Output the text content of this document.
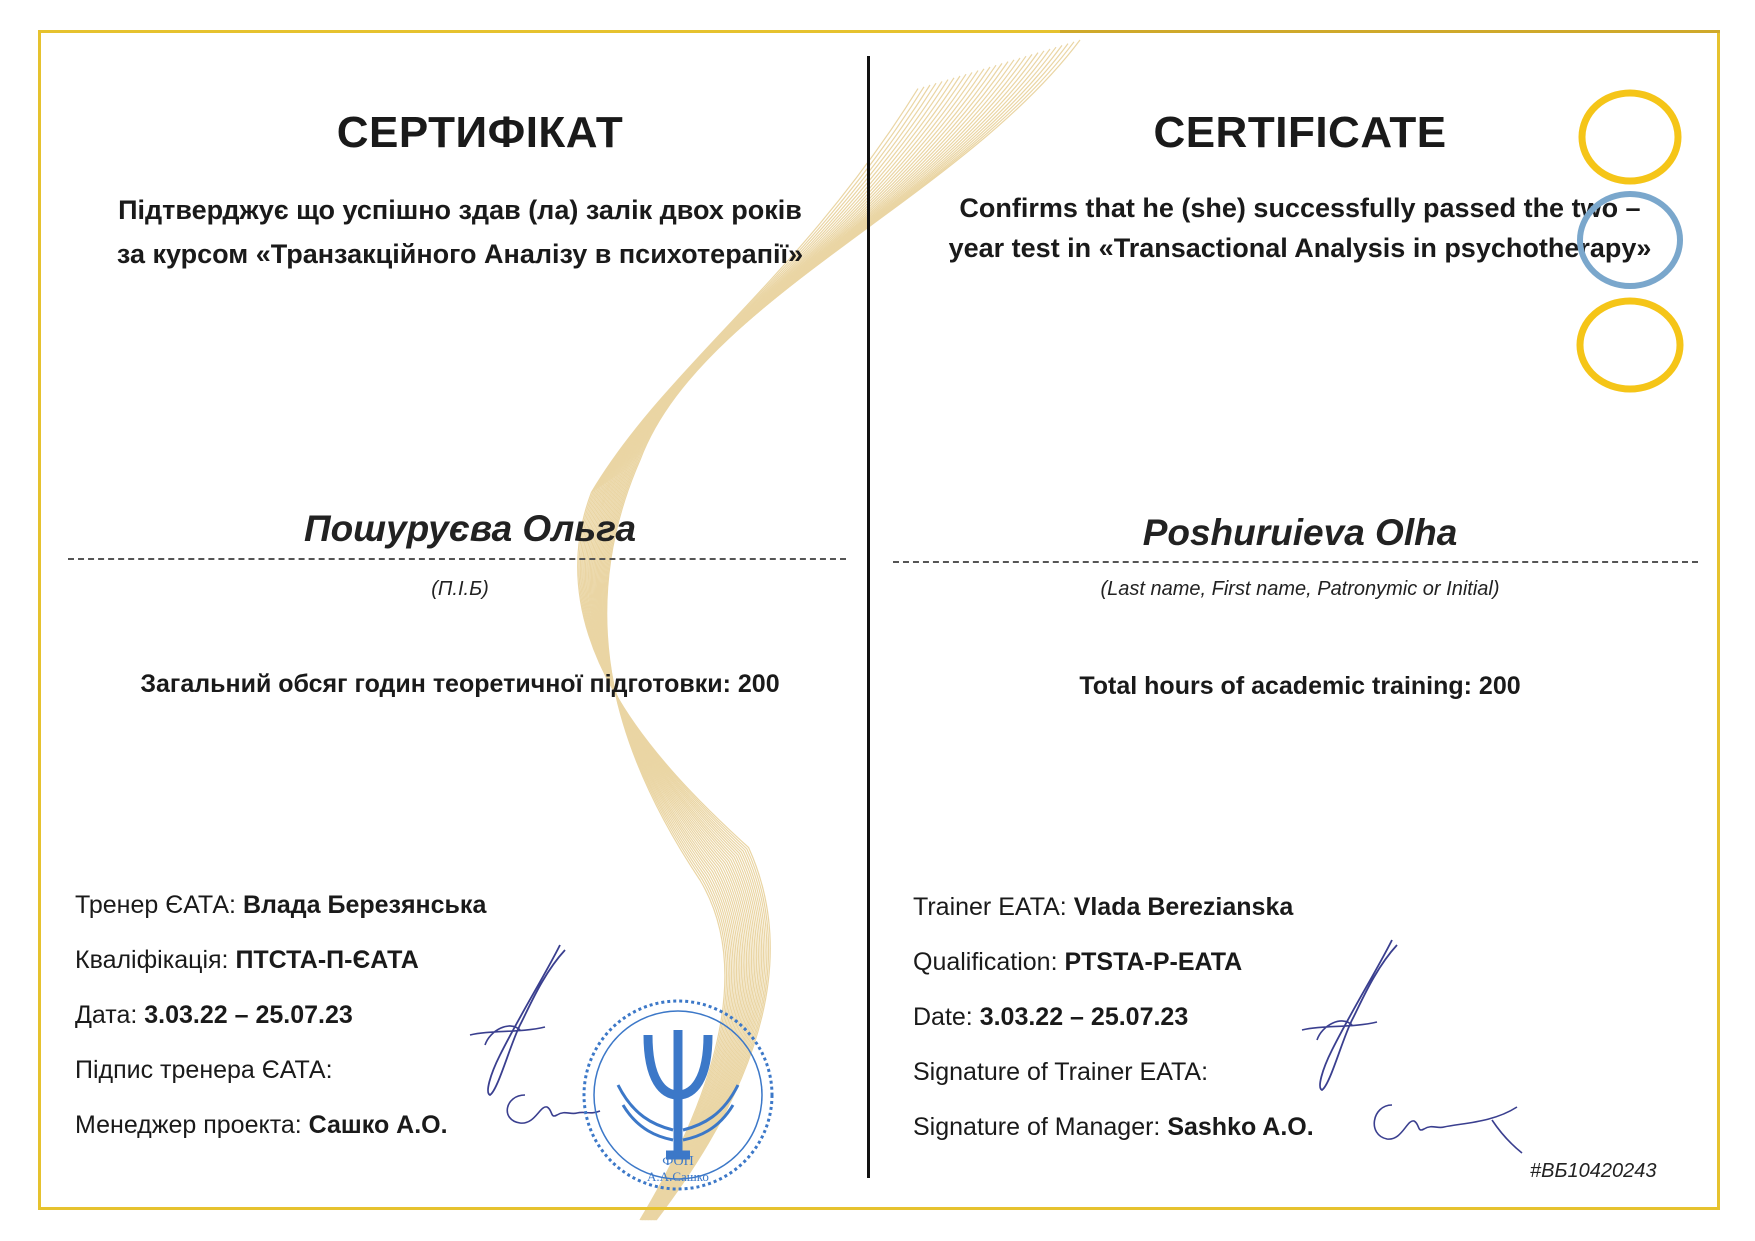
СЕРТИФІКАТ
Підтверджує що успішно здав (ла) залік двох років
за курсом «Транзакційного Аналізу в психотерапії»
Пошуруєва Ольга
(П.І.Б)
Загальний обсяг годин теоретичної підготовки: 200
Тренер ЄАТА: Влада Березянська
Кваліфікація: ПТСТА-П-ЄАТА
Дата: 3.03.22 – 25.07.23
Підпис тренера ЄАТА:
Менеджер проекта: Сашко А.О.
ФОП
А.А.Сашко
CERTIFICATE
Confirms that he (she) successfully passed the two –
year test in «Transactional Analysis in psychotherapy»
Poshuruieva Olha
(Last name, First name, Patronymic or Initial)
Total hours of academic training: 200
Trainer EATA: Vlada Berezianska
Qualification: PTSTA-P-EATA
Date: 3.03.22 – 25.07.23
Signature of Trainer EATA:
Signature of Manager: Sashko A.O.
#ВБ10420243
